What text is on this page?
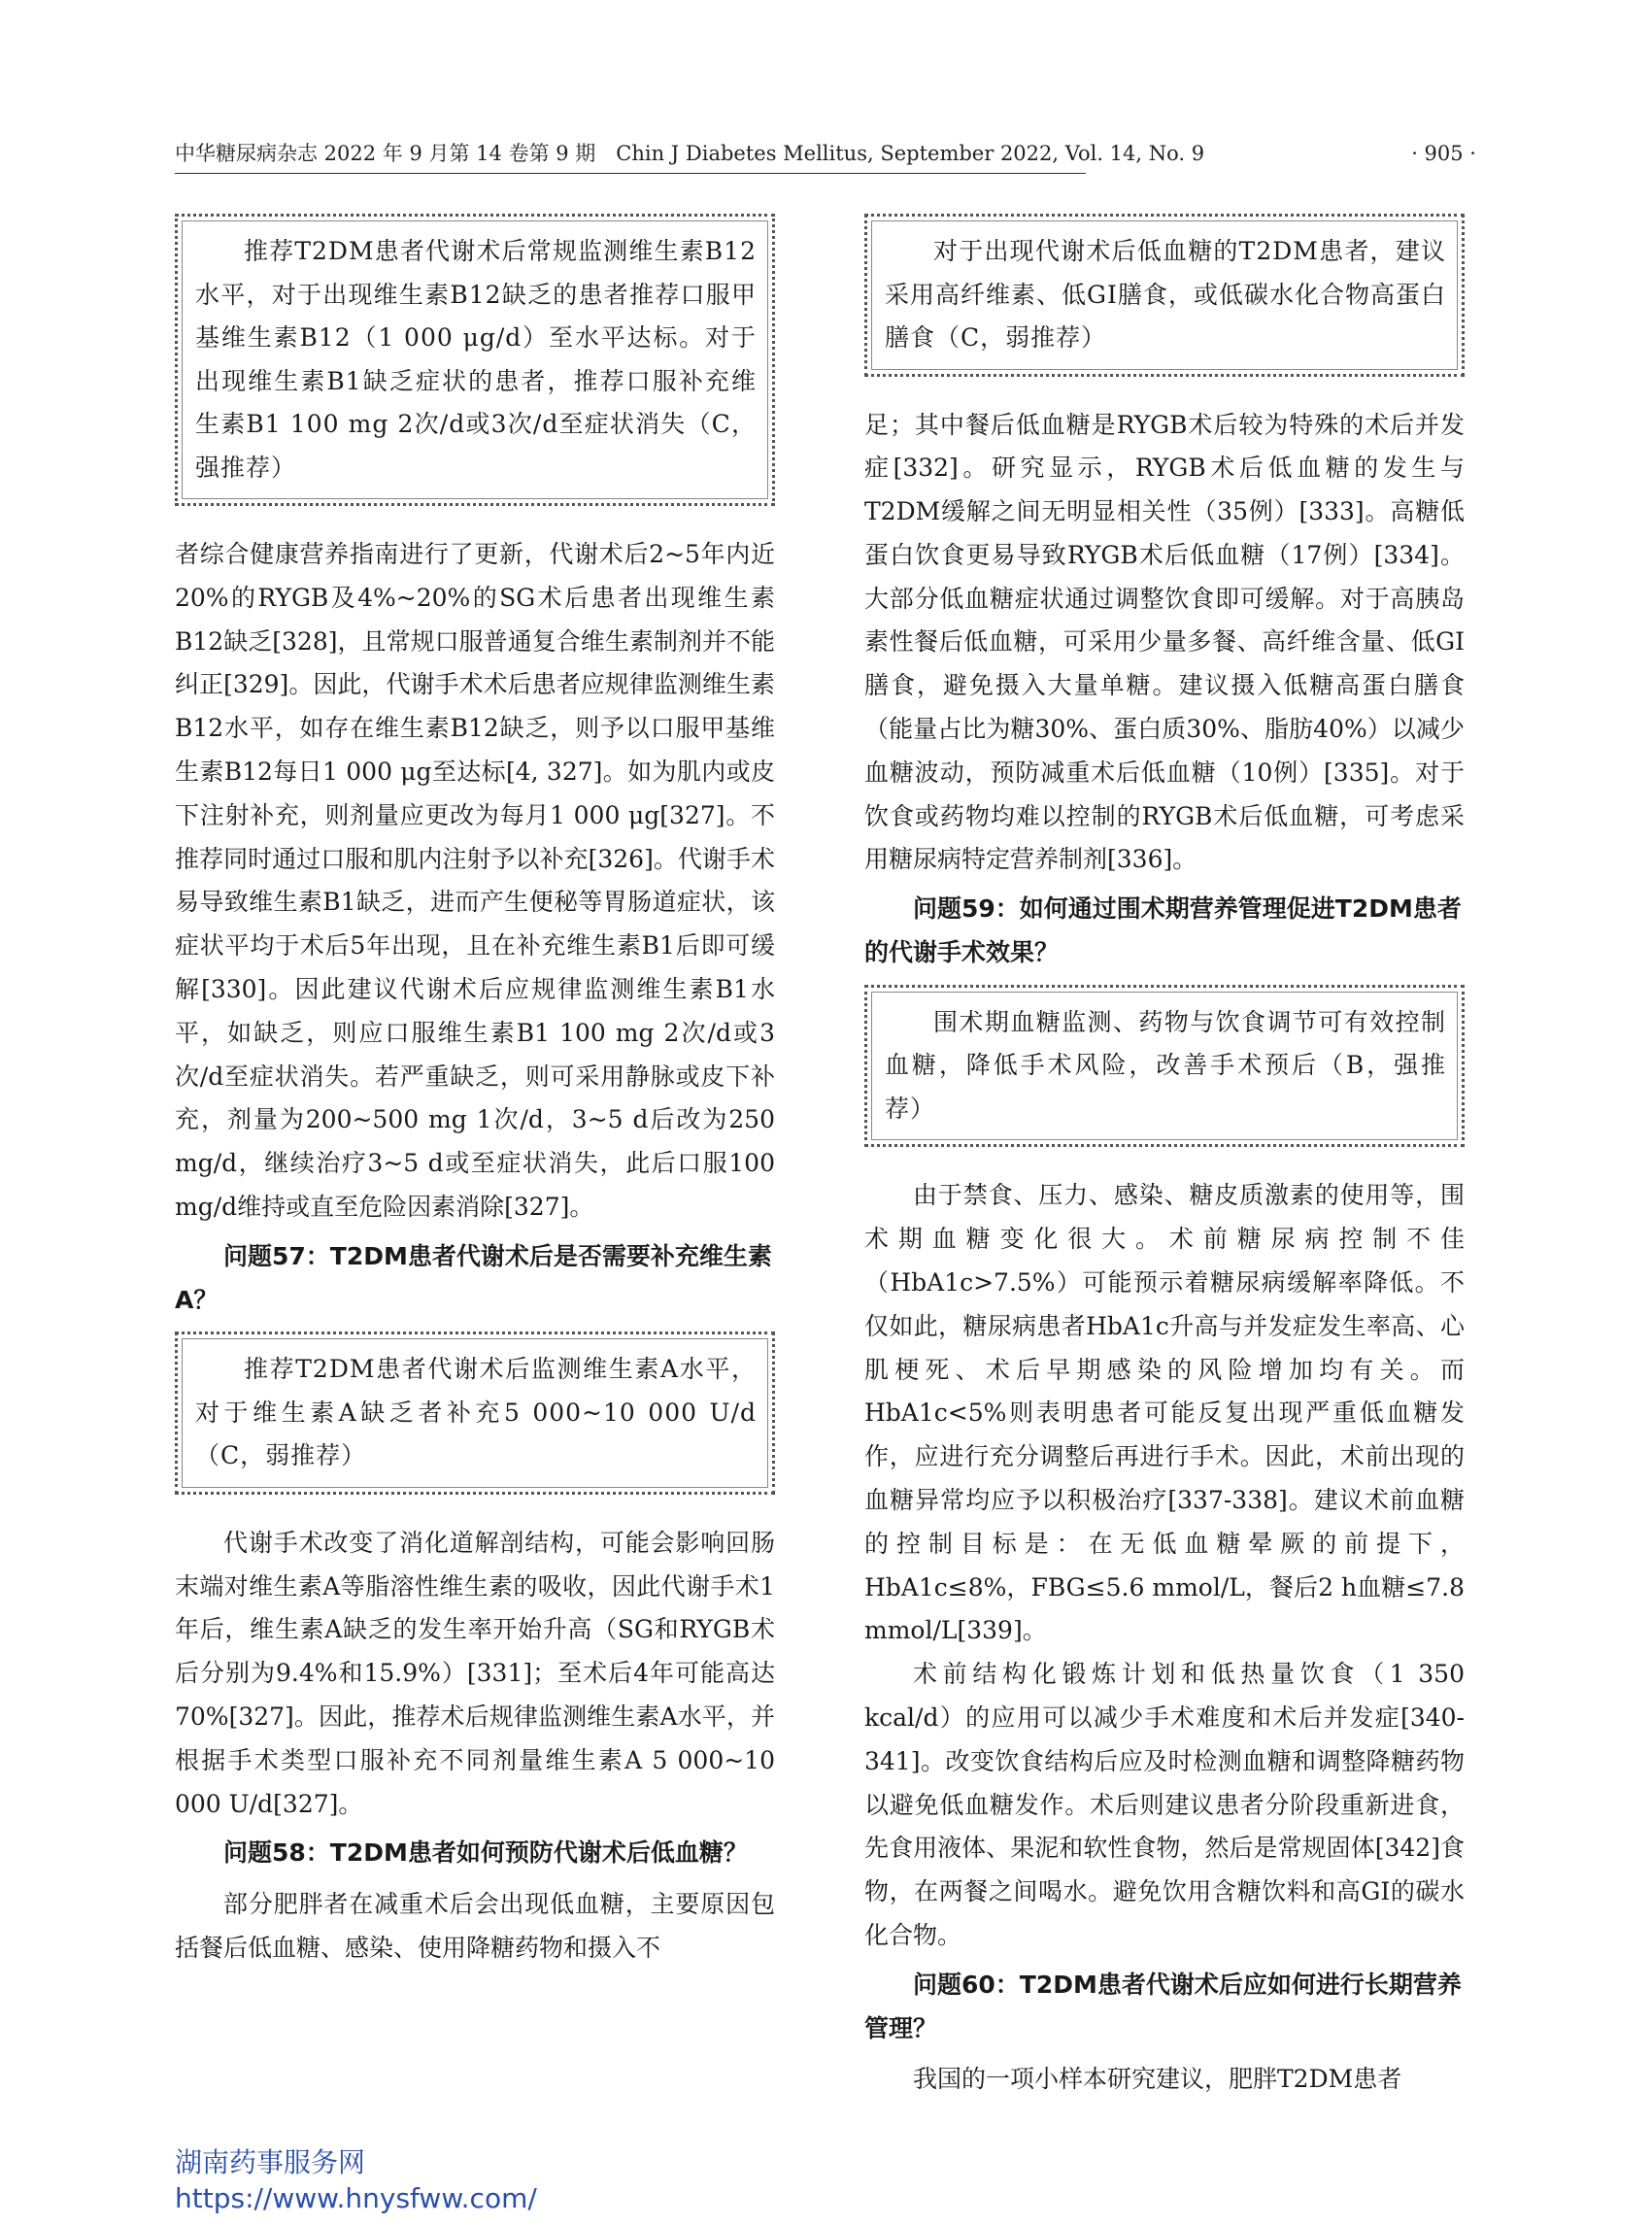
中华糖尿病杂志 2022 年 9 月第 14 卷第 9 期　Chin J Diabetes Mellitus, September 2022, Vol. 14, No. 9	· 905 ·

推荐T2DM患者代谢术后常规监测维生素B12水平，对于出现维生素B12缺乏的患者推荐口服甲基维生素B12（1 000 μg/d）至水平达标。对于出现维生素B1缺乏症状的患者，推荐口服补充维生素B1 100 mg 2次/d或3次/d至症状消失（C，强推荐）

者综合健康营养指南进行了更新，代谢术后2~5年内近20%的RYGB及4%~20%的SG术后患者出现维生素B12缺乏[328]，且常规口服普通复合维生素制剂并不能纠正[329]。因此，代谢手术术后患者应规律监测维生素B12水平，如存在维生素B12缺乏，则予以口服甲基维生素B12每日1 000 μg至达标[4, 327]。如为肌内或皮下注射补充，则剂量应更改为每月1 000 μg[327]。不推荐同时通过口服和肌内注射予以补充[326]。代谢手术易导致维生素B1缺乏，进而产生便秘等胃肠道症状，该症状平均于术后5年出现，且在补充维生素B1后即可缓解[330]。因此建议代谢术后应规律监测维生素B1水平，如缺乏，则应口服维生素B1 100 mg 2次/d或3次/d至症状消失。若严重缺乏，则可采用静脉或皮下补充，剂量为200~500 mg 1次/d，3~5 d后改为250 mg/d，继续治疗3~5 d或至症状消失，此后口服100 mg/d维持或直至危险因素消除[327]。

问题57：T2DM患者代谢术后是否需要补充维生素A？

推荐T2DM患者代谢术后监测维生素A水平，对于维生素A缺乏者补充5 000~10 000 U/d（C，弱推荐）

代谢手术改变了消化道解剖结构，可能会影响回肠末端对维生素A等脂溶性维生素的吸收，因此代谢手术1年后，维生素A缺乏的发生率开始升高（SG和RYGB术后分别为9.4%和15.9%）[331]；至术后4年可能高达70%[327]。因此，推荐术后规律监测维生素A水平，并根据手术类型口服补充不同剂量维生素A 5 000~10 000 U/d[327]。

问题58：T2DM患者如何预防代谢术后低血糖？

部分肥胖者在减重术后会出现低血糖，主要原因包括餐后低血糖、感染、使用降糖药物和摄入不

对于出现代谢术后低血糖的T2DM患者，建议采用高纤维素、低GI膳食，或低碳水化合物高蛋白膳食（C，弱推荐）

足；其中餐后低血糖是RYGB术后较为特殊的术后并发症[332]。研究显示，RYGB术后低血糖的发生与T2DM缓解之间无明显相关性（35例）[333]。高糖低蛋白饮食更易导致RYGB术后低血糖（17例）[334]。大部分低血糖症状通过调整饮食即可缓解。对于高胰岛素性餐后低血糖，可采用少量多餐、高纤维含量、低GI膳食，避免摄入大量单糖。建议摄入低糖高蛋白膳食（能量占比为糖30%、蛋白质30%、脂肪40%）以减少血糖波动，预防减重术后低血糖（10例）[335]。对于饮食或药物均难以控制的RYGB术后低血糖，可考虑采用糖尿病特定营养制剂[336]。

问题59：如何通过围术期营养管理促进T2DM患者的代谢手术效果？

围术期血糖监测、药物与饮食调节可有效控制血糖，降低手术风险，改善手术预后（B，强推荐）

由于禁食、压力、感染、糖皮质激素的使用等，围术期血糖变化很大。术前糖尿病控制不佳（HbA1c>7.5%）可能预示着糖尿病缓解率降低。不仅如此，糖尿病患者HbA1c升高与并发症发生率高、心肌梗死、术后早期感染的风险增加均有关。而HbA1c<5%则表明患者可能反复出现严重低血糖发作，应进行充分调整后再进行手术。因此，术前出现的血糖异常均应予以积极治疗[337-338]。建议术前血糖的控制目标是：在无低血糖晕厥的前提下，HbA1c≤8%，FBG≤5.6 mmol/L，餐后2 h血糖≤7.8 mmol/L[339]。

术前结构化锻炼计划和低热量饮食（1 350 kcal/d）的应用可以减少手术难度和术后并发症[340-341]。改变饮食结构后应及时检测血糖和调整降糖药物以避免低血糖发作。术后则建议患者分阶段重新进食，先食用液体、果泥和软性食物，然后是常规固体[342]食物，在两餐之间喝水。避免饮用含糖饮料和高GI的碳水化合物。

问题60：T2DM患者代谢术后应如何进行长期营养管理？

我国的一项小样本研究建议，肥胖T2DM患者

湖南药事服务网
https://www.hnysfww.com/
